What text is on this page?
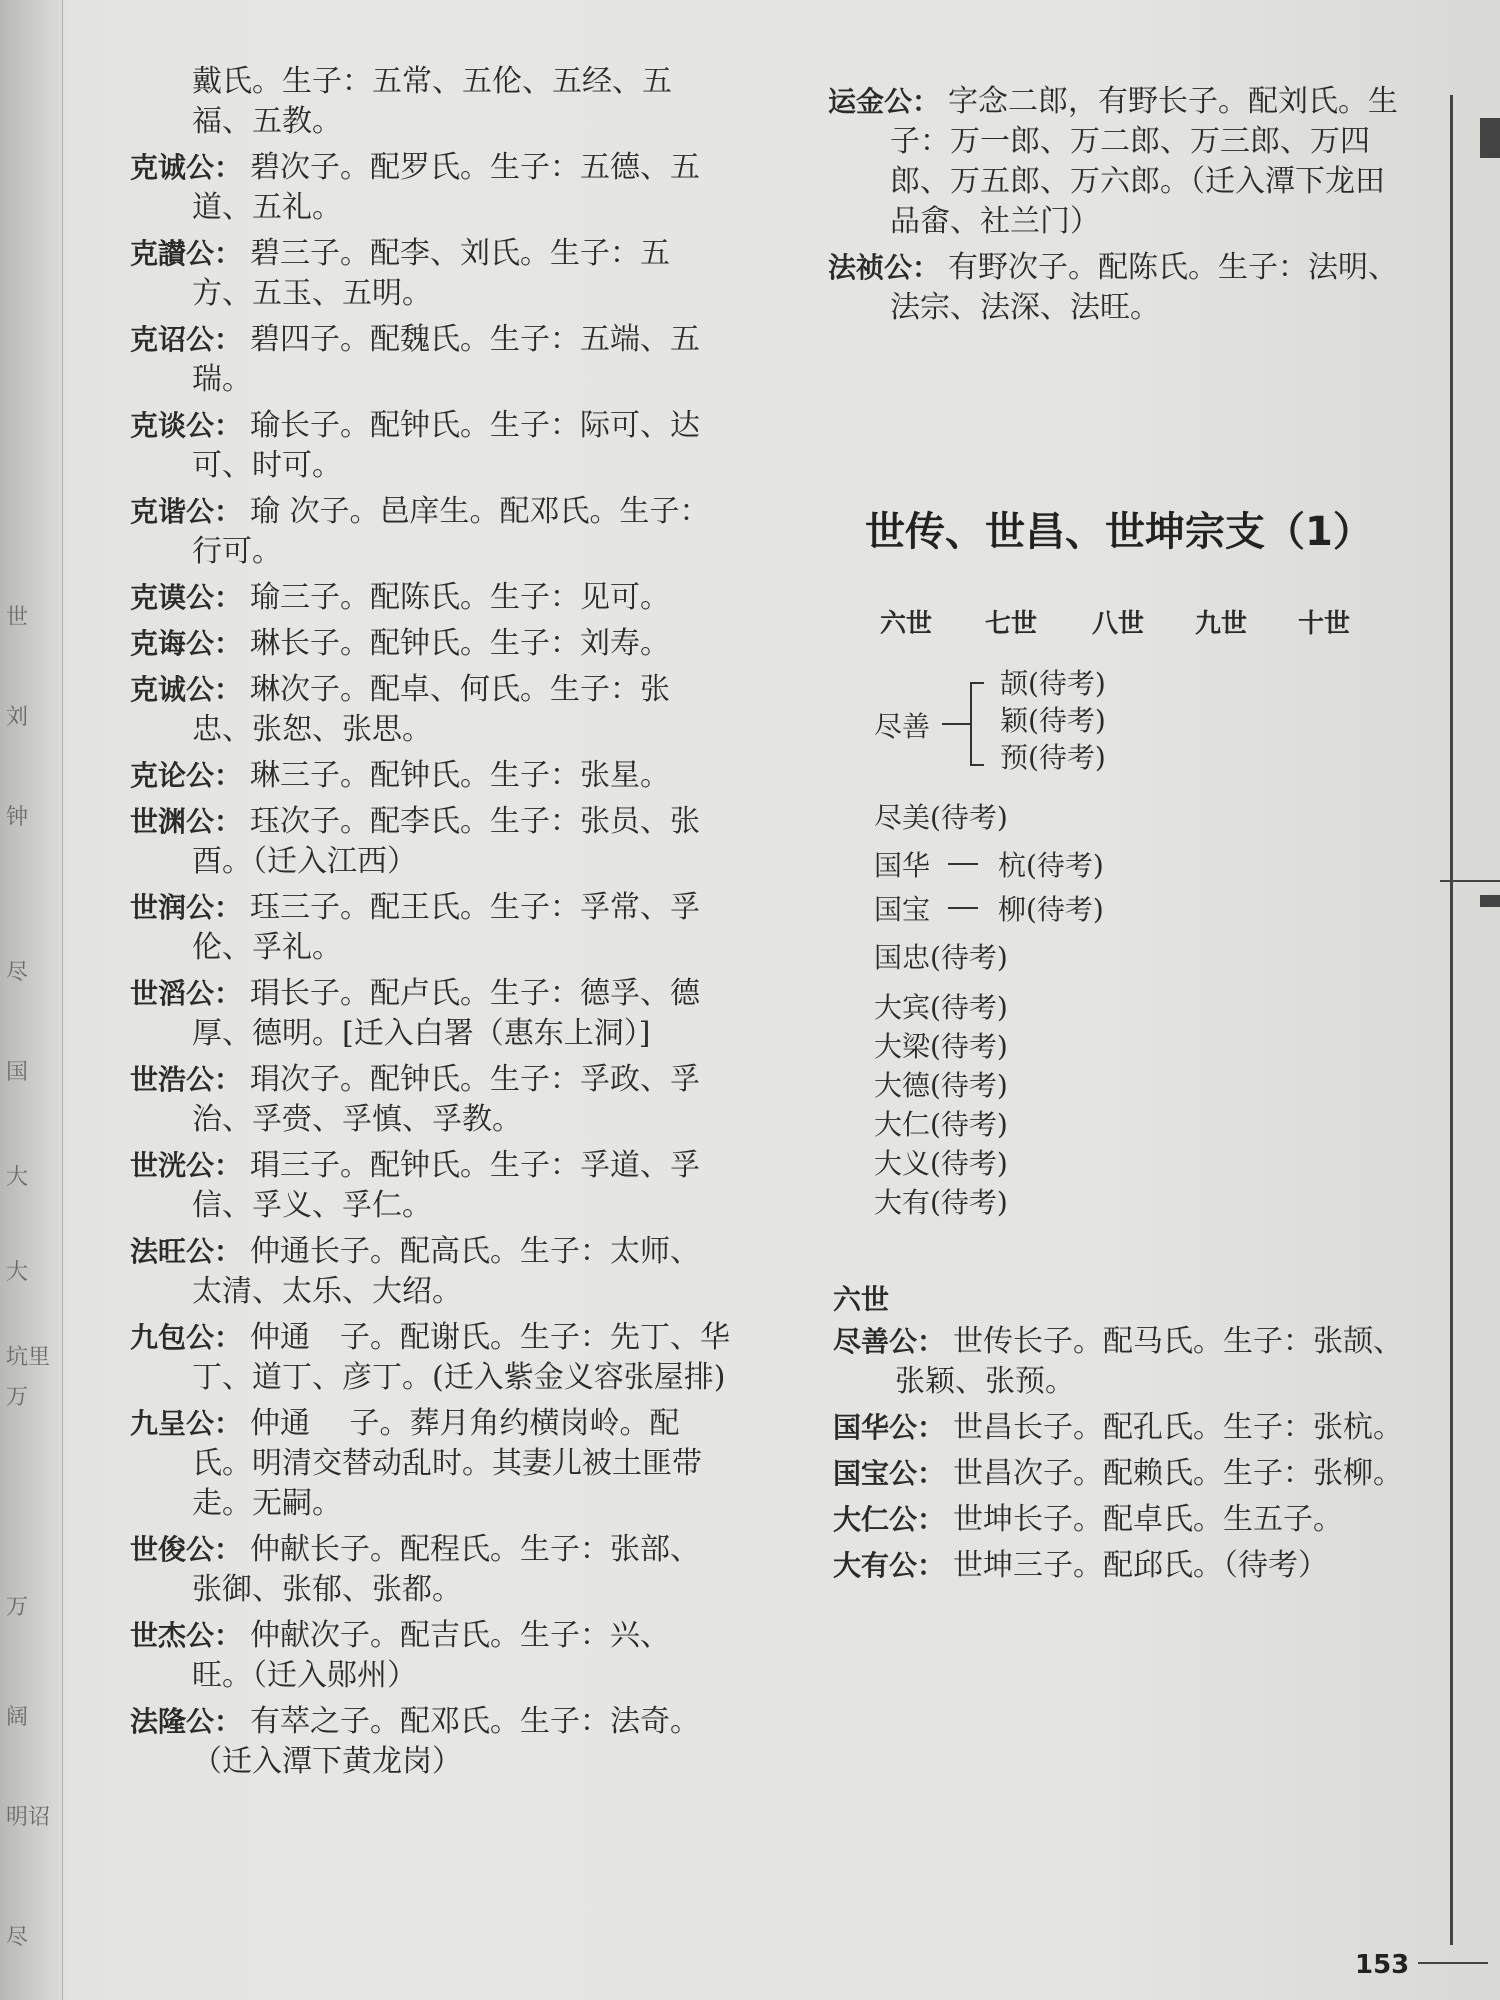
世
刘
钟
尽
国
大
大
坑里
万
万
阔
明诏
尽
戴氏。生子：五常、五伦、五经、五
福、五教。
克诚公： 碧次子。配罗氏。生子：五德、五
道、五礼。
克讃公： 碧三子。配李、刘氏。生子：五
方、五玉、五明。
克诏公： 碧四子。配魏氏。生子：五端、五
瑞。
克谈公： 瑜长子。配钟氏。生子：际可、达
可、时可。
克谐公： 瑜 次子。邑庠生。配邓氏。生子：
行可。
克谟公： 瑜三子。配陈氏。生子：见可。
克诲公： 琳长子。配钟氏。生子：刘寿。
克诚公： 琳次子。配卓、何氏。生子：张
忠、张恕、张思。
克论公： 琳三子。配钟氏。生子：张星。
世渊公： 珏次子。配李氏。生子：张员、张
酉。（迁入江西）
世润公： 珏三子。配王氏。生子：孚常、孚
伦、孚礼。
世滔公： 琄长子。配卢氏。生子：德孚、德
厚、德明。[迁入白署（惠东上洞）]
世浩公： 琄次子。配钟氏。生子：孚政、孚
治、孚赍、孚慎、孚教。
世洸公： 琄三子。配钟氏。生子：孚道、孚
信、孚义、孚仁。
法旺公： 仲通长子。配高氏。生子：太师、
太清、太乐、大绍。
九包公： 仲通　子。配谢氏。生子：先丁、华
丁、道丁、彦丁。(迁入紫金义容张屋排)
九呈公： 仲通　 子。葬月角约横岗岭。配
氏。明清交替动乱时。其妻儿被土匪带
走。无嗣。
世俊公： 仲献长子。配程氏。生子：张部、
张御、张郁、张都。
世杰公： 仲献次子。配吉氏。生子：兴、
旺。（迁入郧州）
法隆公： 有萃之子。配邓氏。生子：法奇。
（迁入潭下黄龙岗）
运金公： 字念二郎，有野长子。配刘氏。生
子：万一郎、万二郎、万三郎、万四
郎、万五郎、万六郎。（迁入潭下龙田
品畲、社兰门）
法祯公： 有野次子。配陈氏。生子：法明、
法宗、法深、法旺。
世传、世昌、世坤宗支（1）
六世 七世 八世 九世 十世
尽善
颉(待考)
颖(待考)
预(待考)
尽美(待考)
国华 杭(待考)
国宝 柳(待考)
国忠(待考)
大宾(待考)
大梁(待考)
大德(待考)
大仁(待考)
大义(待考)
大有(待考)
六世
尽善公： 世传长子。配马氏。生子：张颉、
张颖、张预。
国华公： 世昌长子。配孔氏。生子：张杭。
国宝公： 世昌次子。配赖氏。生子：张柳。
大仁公： 世坤长子。配卓氏。生五子。
大有公： 世坤三子。配邱氏。（待考）
153
